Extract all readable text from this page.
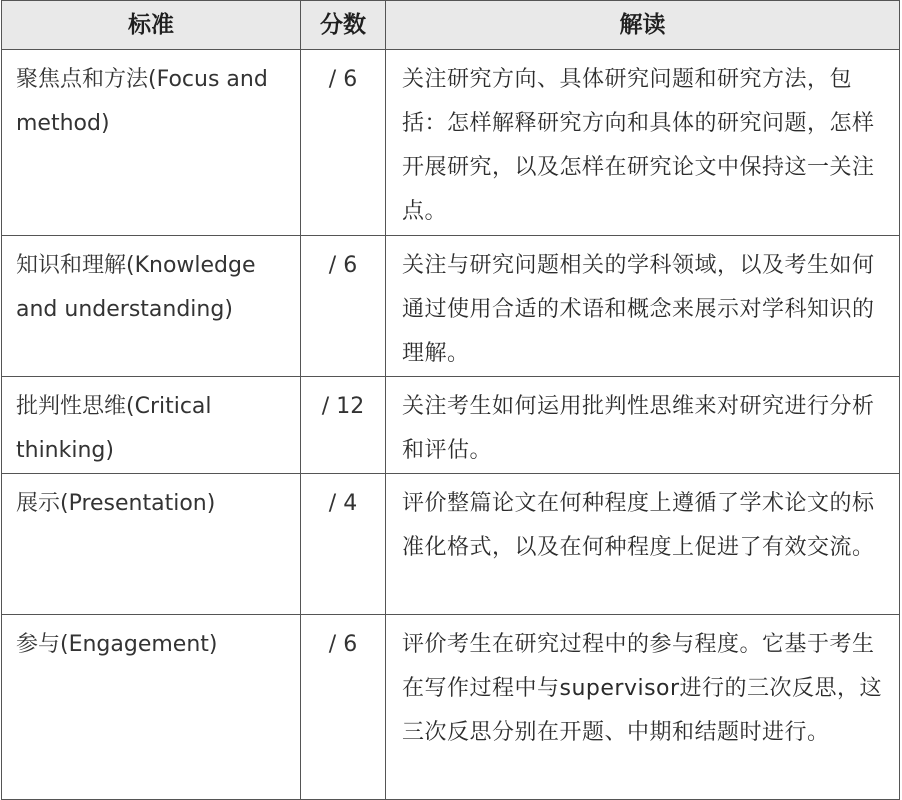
标准	分数	解读
聚焦点和方法(Focus and method)	/ 6	关注研究方向、具体研究问题和研究方法，包括：怎样解释研究方向和具体的研究问题，怎样开展研究，以及怎样在研究论文中保持这一关注点。
知识和理解(Knowledge and understanding)	/ 6	关注与研究问题相关的学科领域，以及考生如何通过使用合适的术语和概念来展示对学科知识的理解。
批判性思维(Critical thinking)	/ 12	关注考生如何运用批判性思维来对研究进行分析和评估。
展示(Presentation)	/ 4	评价整篇论文在何种程度上遵循了学术论文的标准化格式，以及在何种程度上促进了有效交流。
参与(Engagement)	/ 6	评价考生在研究过程中的参与程度。它基于考生在写作过程中与supervisor进行的三次反思，这三次反思分别在开题、中期和结题时进行。
